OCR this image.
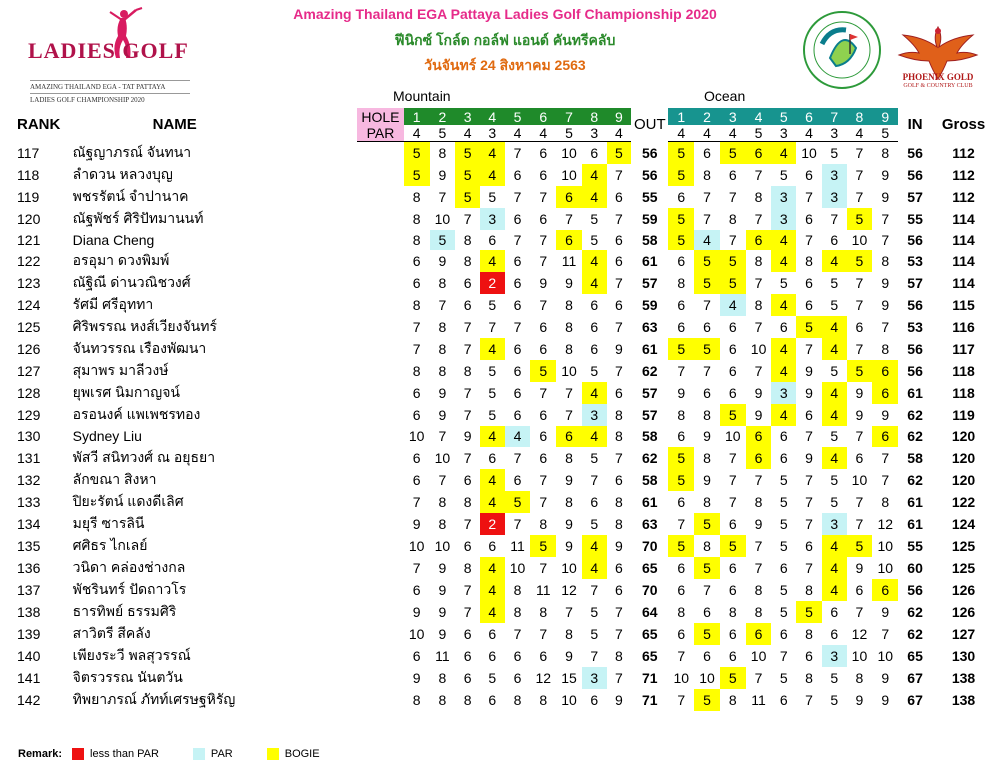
LADIES GOLF
AMAZING THAILAND EGA - TAT PATTAYA
LADIES GOLF CHAMPIONSHIP 2020
Amazing Thailand EGA Pattaya Ladies Golf Championship 2020
ฟีนิกซ์ โกล์ด กอล์ฟ แอนด์ คันทรีคลับ
วันจันทร์ 24 สิงหาคม 2563
PHOENIX GOLD
GOLF & COUNTRY CLUB
Mountain	Ocean
RANK	NAME	HOLE	1	2	3	4	5	6	7	8	9	OUT	1	2	3	4	5	6	7	8	9	IN	Gross
		PAR	4	5	4	3	4	4	5	3	4		4	4	4	5	3	4	3	4	5		
117	ณัฐญาภรณ์ จันทนา		5	8	5	4	7	6	10	6	5	56	5	6	5	6	4	10	5	7	8	56	112
118	ลำดวน หลวงบุญ		5	9	5	4	6	6	10	4	7	56	5	8	6	7	5	6	3	7	9	56	112
119	พชรรัตน์ จำปานาค		8	7	5	5	7	7	6	4	6	55	6	7	7	8	3	7	3	7	9	57	112
120	ณัฐพัชร์ ศิริปัทมานนท์		8	10	7	3	6	6	7	5	7	59	5	7	8	7	3	6	7	5	7	55	114
121	Diana Cheng		8	5	8	6	7	7	6	5	6	58	5	4	7	6	4	7	6	10	7	56	114
122	อรอุมา ดวงพิมพ์		6	9	8	4	6	7	11	4	6	61	6	5	5	8	4	8	4	5	8	53	114
123	ณัฐิณี ด่านวณิชวงศ์		6	8	6	2	6	9	9	4	7	57	8	5	5	7	5	6	5	7	9	57	114
124	รัศมี ศรีอุททา		8	7	6	5	6	7	8	6	6	59	6	7	4	8	4	6	5	7	9	56	115
125	ศิริพรรณ หงส์เวียงจันทร์		7	8	7	7	7	6	8	6	7	63	6	6	6	7	6	5	4	6	7	53	116
126	จันทวรรณ เรืองพัฒนา		7	8	7	4	6	6	8	6	9	61	5	5	6	10	4	7	4	7	8	56	117
127	สุมาพร มาลีวงษ์		8	8	8	5	6	5	10	5	7	62	7	7	6	7	4	9	5	5	6	56	118
128	ยุพเรศ นิมกาญจน์		6	9	7	5	6	7	7	4	6	57	9	6	6	9	3	9	4	9	6	61	118
129	อรอนงค์ แพเพชรทอง		6	9	7	5	6	6	7	3	8	57	8	8	5	9	4	6	4	9	9	62	119
130	Sydney Liu		10	7	9	4	4	6	6	4	8	58	6	9	10	6	6	7	5	7	6	62	120
131	พัสวี สนิทวงศ์ ณ อยุธยา		6	10	7	6	7	6	8	5	7	62	5	8	7	6	6	9	4	6	7	58	120
132	ลักขณา สิงหา		6	7	6	4	6	7	9	7	6	58	5	9	7	7	5	7	5	10	7	62	120
133	ปิยะรัตน์ แดงดีเลิศ		7	8	8	4	5	7	8	6	8	61	6	8	7	8	5	7	5	7	8	61	122
134	มยุรี ซารลินี		9	8	7	2	7	8	9	5	8	63	7	5	6	9	5	7	3	7	12	61	124
135	ศศิธร ไกเลย์		10	10	6	6	11	5	9	4	9	70	5	8	5	7	5	6	4	5	10	55	125
136	วนิดา คล่องช่างกล		7	9	8	4	10	7	10	4	6	65	6	5	6	7	6	7	4	9	10	60	125
137	พัชรินทร์ ปัดถาวโร		6	9	7	4	8	11	12	7	6	70	6	7	6	8	5	8	4	6	6	56	126
138	ธารทิพย์ ธรรมศิริ		9	9	7	4	8	8	7	5	7	64	8	6	8	8	5	5	6	7	9	62	126
139	สาวิตรี สีคลัง		10	9	6	6	7	7	8	5	7	65	6	5	6	6	6	8	6	12	7	62	127
140	เพียงระวี พลสุวรรณ์		6	11	6	6	6	6	9	7	8	65	7	6	6	10	7	6	3	10	10	65	130
141	จิตรวรรณ นันตวัน		9	8	6	5	6	12	15	3	7	71	10	10	5	7	5	8	5	8	9	67	138
142	ทิพยาภรณ์ ภัทท์เศรษฐหิรัญ		8	8	8	6	8	8	10	6	9	71	7	5	8	11	6	7	5	9	9	67	138
Remark:	less than PAR	PAR	BOGIE
